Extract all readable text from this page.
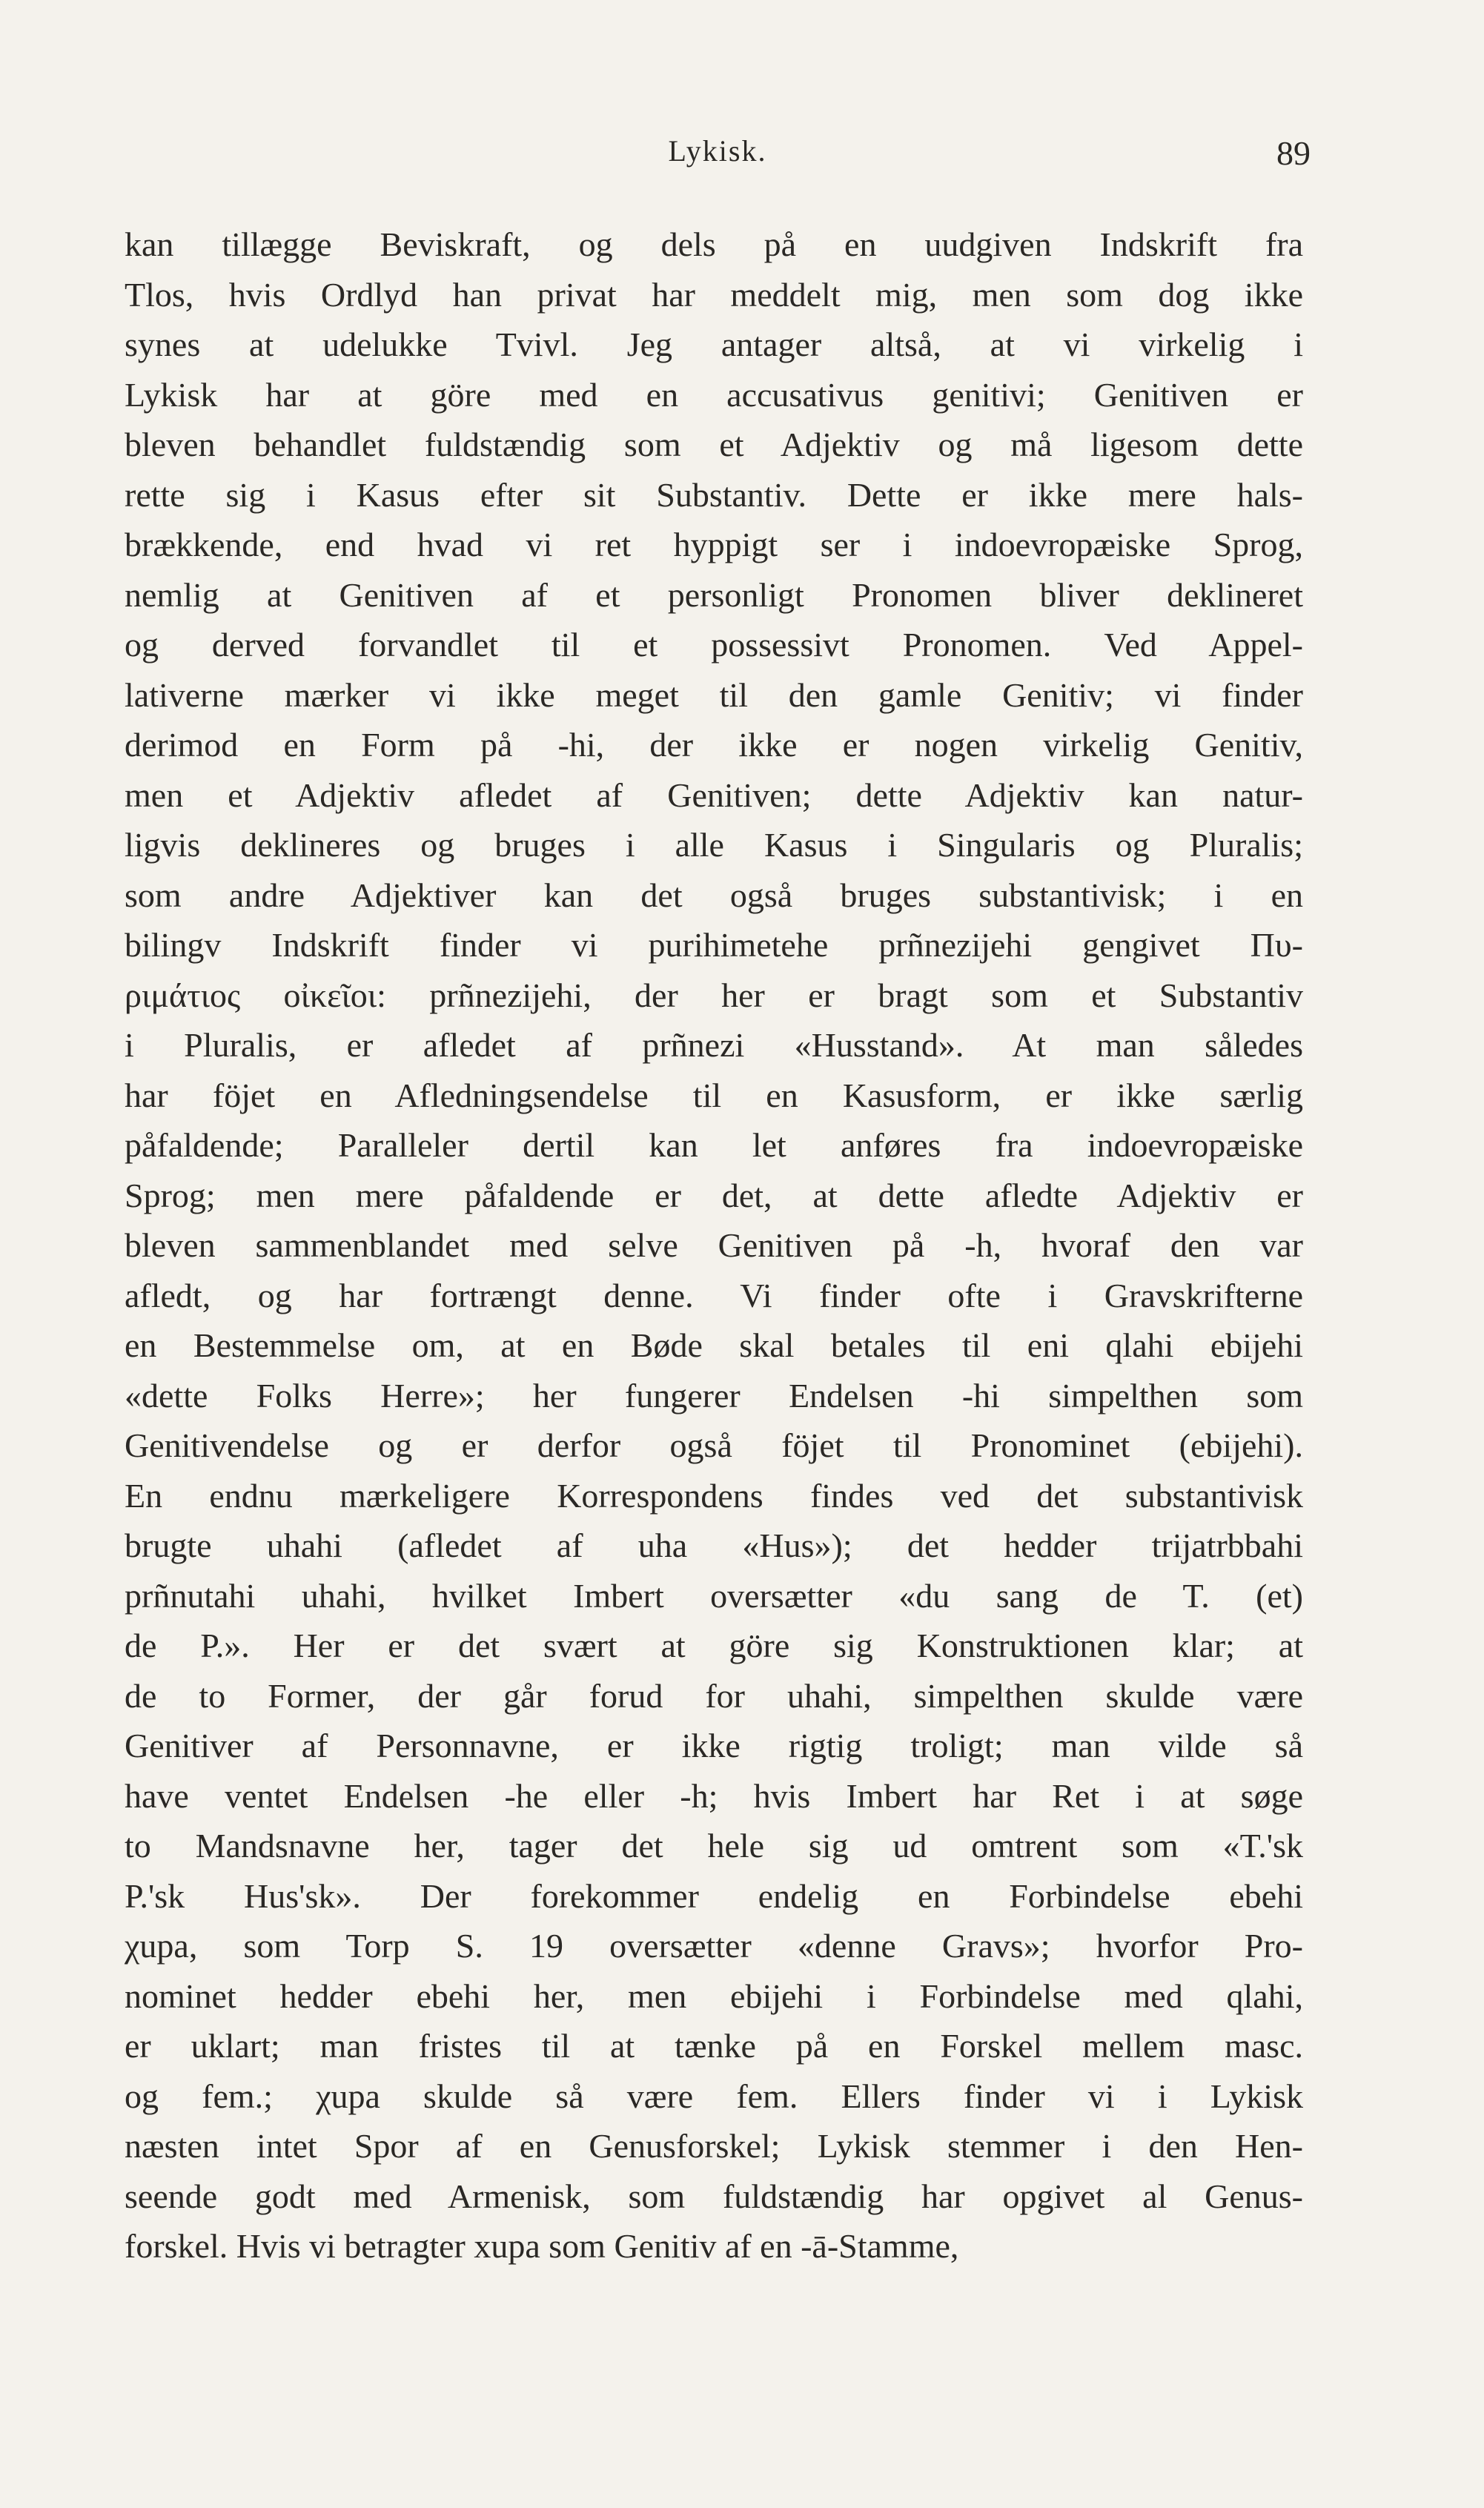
Lykisk.	89
kan tillægge Beviskraft, og dels på en uudgiven Indskrift fra
Tlos, hvis Ordlyd han privat har meddelt mig, men som dog ikke
synes at udelukke Tvivl. Jeg antager altså, at vi virkelig i
Lykisk har at göre med en accusativus genitivi; Genitiven er
bleven behandlet fuldstændig som et Adjektiv og må ligesom dette
rette sig i Kasus efter sit Substantiv. Dette er ikke mere hals-
brækkende, end hvad vi ret hyppigt ser i indoevropæiske Sprog,
nemlig at Genitiven af et personligt Pronomen bliver deklineret
og derved forvandlet til et possessivt Pronomen. Ved Appel-
lativerne mærker vi ikke meget til den gamle Genitiv; vi finder
derimod en Form på -hi, der ikke er nogen virkelig Genitiv,
men et Adjektiv afledet af Genitiven; dette Adjektiv kan natur-
ligvis deklineres og bruges i alle Kasus i Singularis og Pluralis;
som andre Adjektiver kan det også bruges substantivisk; i en
bilingv Indskrift finder vi purihimetehe prñnezijehi gengivet Πυ-
ριμάτιος οἰκεῖοι: prñnezijehi, der her er bragt som et Substantiv
i Pluralis, er afledet af prñnezi «Husstand». At man således
har föjet en Afledningsendelse til en Kasusform, er ikke særlig
påfaldende; Paralleler dertil kan let anføres fra indoevropæiske
Sprog; men mere påfaldende er det, at dette afledte Adjektiv er
bleven sammenblandet med selve Genitiven på -h, hvoraf den var
afledt, og har fortrængt denne. Vi finder ofte i Gravskrifterne
en Bestemmelse om, at en Bøde skal betales til eni qlahi ebijehi
«dette Folks Herre»; her fungerer Endelsen -hi simpelthen som
Genitivendelse og er derfor også föjet til Pronominet (ebijehi).
En endnu mærkeligere Korrespondens findes ved det substantivisk
brugte uhahi (afledet af uha «Hus»); det hedder trijatrbbahi
prñnutahi uhahi, hvilket Imbert oversætter «du sang de T. (et)
de P.». Her er det svært at göre sig Konstruktionen klar; at
de to Former, der går forud for uhahi, simpelthen skulde være
Genitiver af Personnavne, er ikke rigtig troligt; man vilde så
have ventet Endelsen -he eller -h; hvis Imbert har Ret i at søge
to Mandsnavne her, tager det hele sig ud omtrent som «T.'sk
P.'sk Hus'sk». Der forekommer endelig en Forbindelse ebehi
χupa, som Torp S. 19 oversætter «denne Gravs»; hvorfor Pro-
nominet hedder ebehi her, men ebijehi i Forbindelse med qlahi,
er uklart; man fristes til at tænke på en Forskel mellem masc.
og fem.; χupa skulde så være fem. Ellers finder vi i Lykisk
næsten intet Spor af en Genusforskel; Lykisk stemmer i den Hen-
seende godt med Armenisk, som fuldstændig har opgivet al Genus-
forskel. Hvis vi betragter xupa som Genitiv af en -ā-Stamme,
